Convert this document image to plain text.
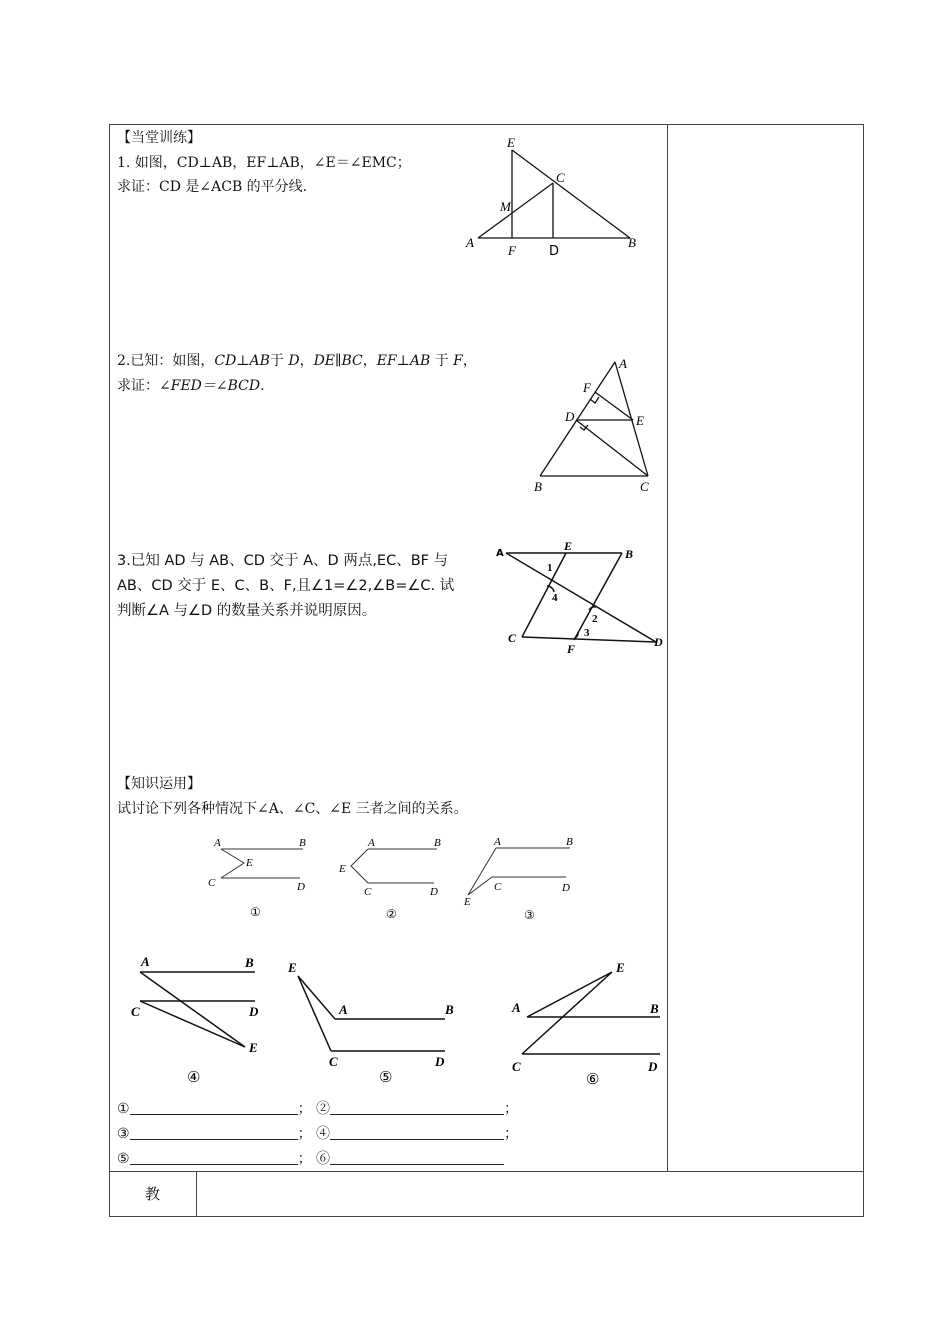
【当堂训练】
1. 如图，CD⊥AB，EF⊥AB，∠E＝∠EMC；
求证：CD 是∠ACB 的平分线.
E
C
M
A
F	D
B
2.已知：如图，CD⊥AB于 D，DE∥BC，EF⊥AB 于 F，
求证：∠FED＝∠BCD.
A
F
D	E
B	C
3.已知 AD 与 AB、CD 交于 A、D 两点,EC、BF 与
AB、CD 交于 E、C、B、F,且∠1=∠2,∠B=∠C. 试
判断∠A 与∠D 的数量关系并说明原因。
A
E
B
1
4
2
3
C
F	D
【知识运用】
试讨论下列各种情况下∠A、∠C、∠E 三者之间的关系。
A	B
E
C	D
①
A	B
E
C	D
②
A	B
C	D
E
③
A	B
C	D
E
④
E
A	B
C	D
⑤
E
A	B
C	D
⑥
①	； ②	；
③	； ④	；
⑤	； ⑥
教
